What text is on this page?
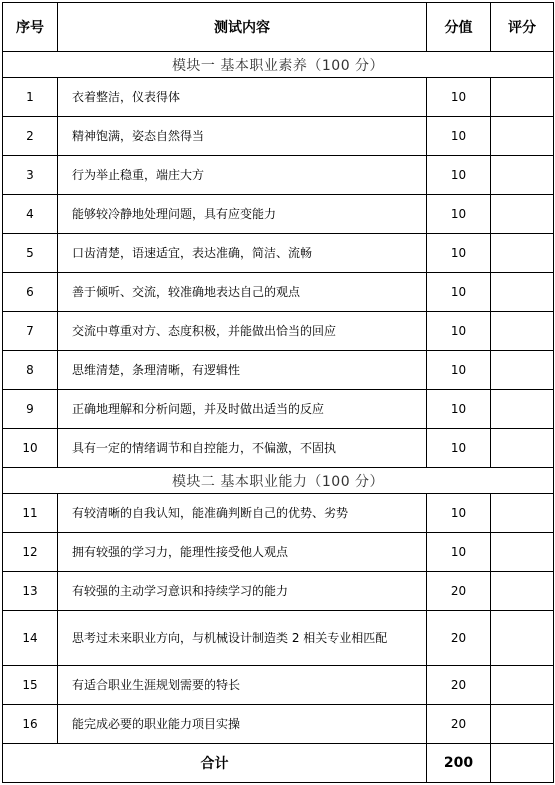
序号	测试内容	分值	评分
模块一 基本职业素养（100 分）			
1	衣着整洁，仪表得体	10	
2	精神饱满，姿态自然得当	10	
3	行为举止稳重，端庄大方	10	
4	能够较冷静地处理问题，具有应变能力	10	
5	口齿清楚，语速适宜，表达准确，简洁、流畅	10	
6	善于倾听、交流，较准确地表达自己的观点	10	
7	交流中尊重对方、态度积极，并能做出恰当的回应	10	
8	思维清楚，条理清晰，有逻辑性	10	
9	正确地理解和分析问题，并及时做出适当的反应	10	
10	具有一定的情绪调节和自控能力，不偏激，不固执	10	
模块二 基本职业能力（100 分）			
11	有较清晰的自我认知，能准确判断自己的优势、劣势	10	
12	拥有较强的学习力，能理性接受他人观点	10	
13	有较强的主动学习意识和持续学习的能力	20	
14	思考过未来职业方向，与机械设计制造类 2 相关专业相匹配	20	
15	有适合职业生涯规划需要的特长	20	
16	能完成必要的职业能力项目实操	20	
合计		200	
